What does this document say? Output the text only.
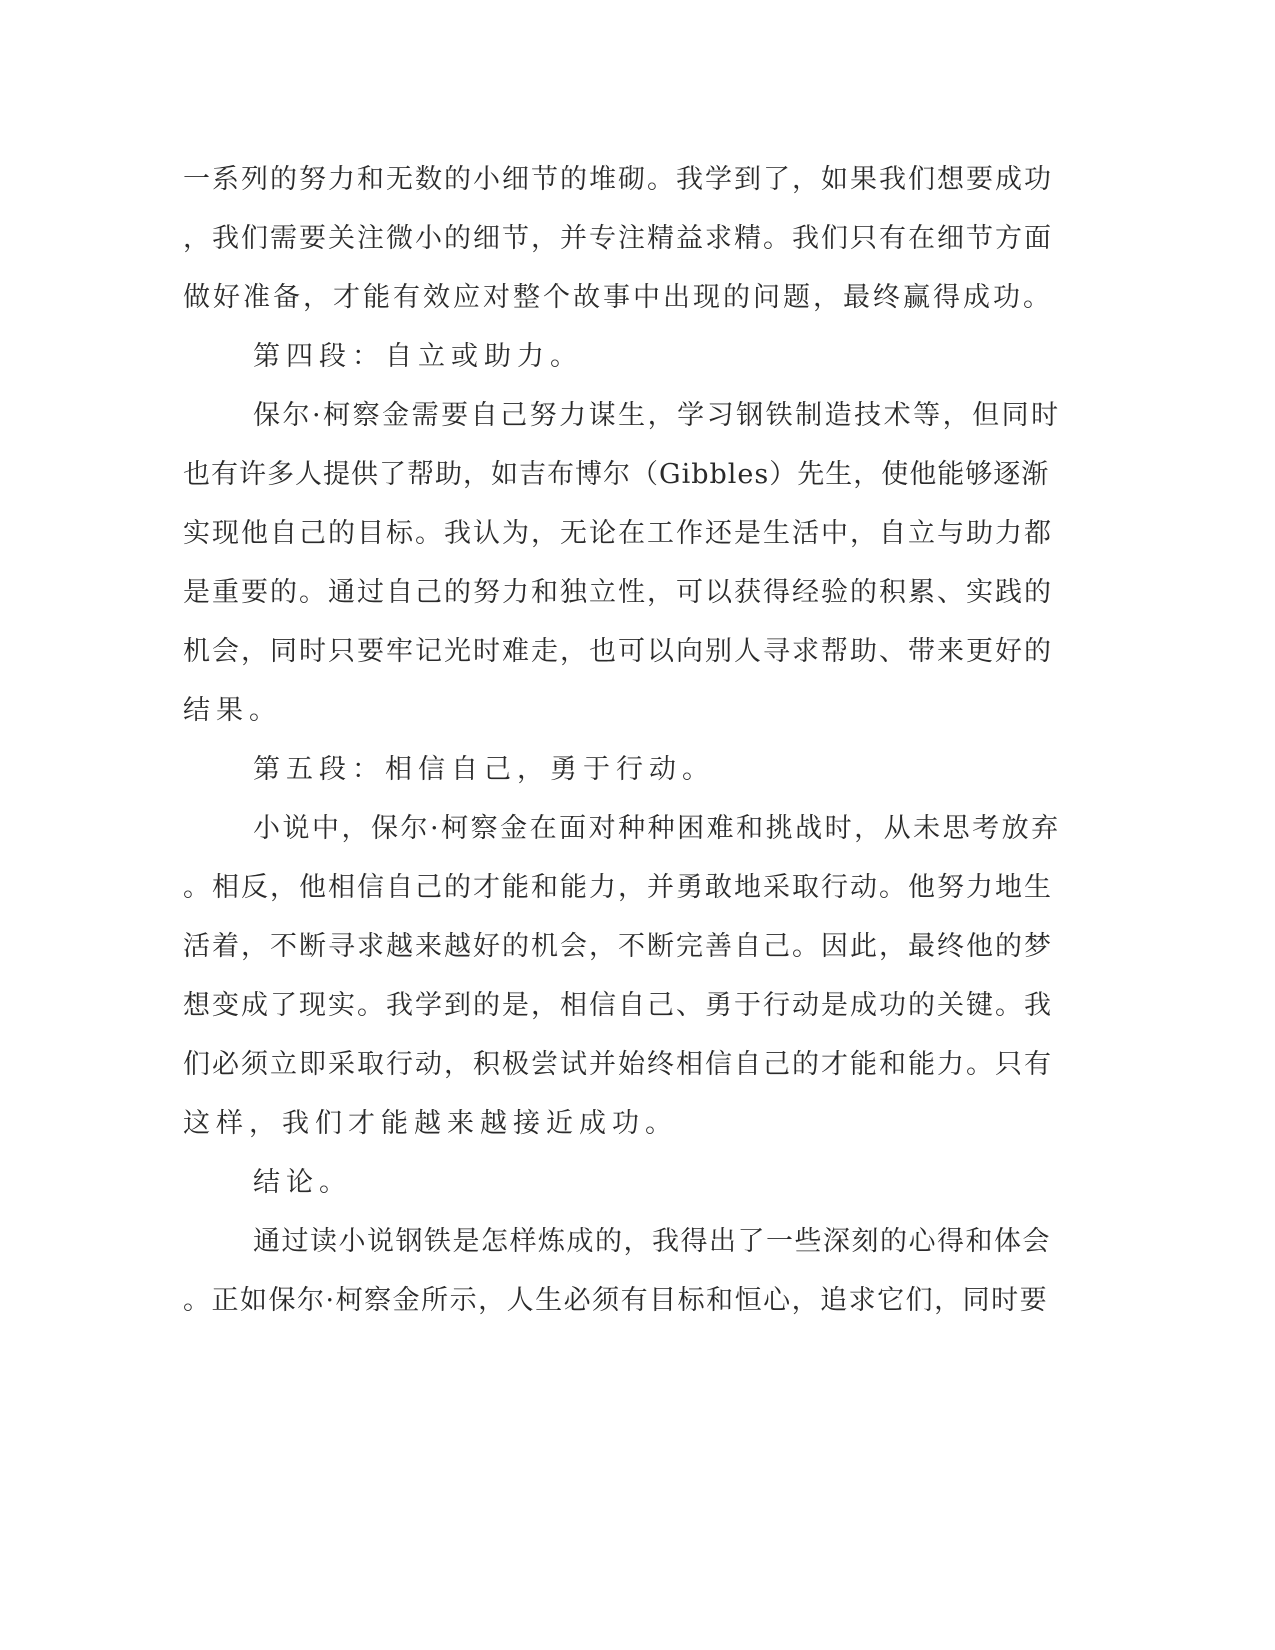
一系列的努力和无数的小细节的堆砌。我学到了，如果我们想要成功
，我们需要关注微小的细节，并专注精益求精。我们只有在细节方面
做好准备，才能有效应对整个故事中出现的问题，最终赢得成功。
第四段：自立或助力。
保尔·柯察金需要自己努力谋生，学习钢铁制造技术等，但同时
也有许多人提供了帮助，如吉布博尔（Gibbles）先生，使他能够逐渐
实现他自己的目标。我认为，无论在工作还是生活中，自立与助力都
是重要的。通过自己的努力和独立性，可以获得经验的积累、实践的
机会，同时只要牢记光时难走，也可以向别人寻求帮助、带来更好的
结果。
第五段：相信自己，勇于行动。
小说中，保尔·柯察金在面对种种困难和挑战时，从未思考放弃
。相反，他相信自己的才能和能力，并勇敢地采取行动。他努力地生
活着，不断寻求越来越好的机会，不断完善自己。因此，最终他的梦
想变成了现实。我学到的是，相信自己、勇于行动是成功的关键。我
们必须立即采取行动，积极尝试并始终相信自己的才能和能力。只有
这样，我们才能越来越接近成功。
结论。
通过读小说钢铁是怎样炼成的，我得出了一些深刻的心得和体会
。正如保尔·柯察金所示，人生必须有目标和恒心，追求它们，同时要
